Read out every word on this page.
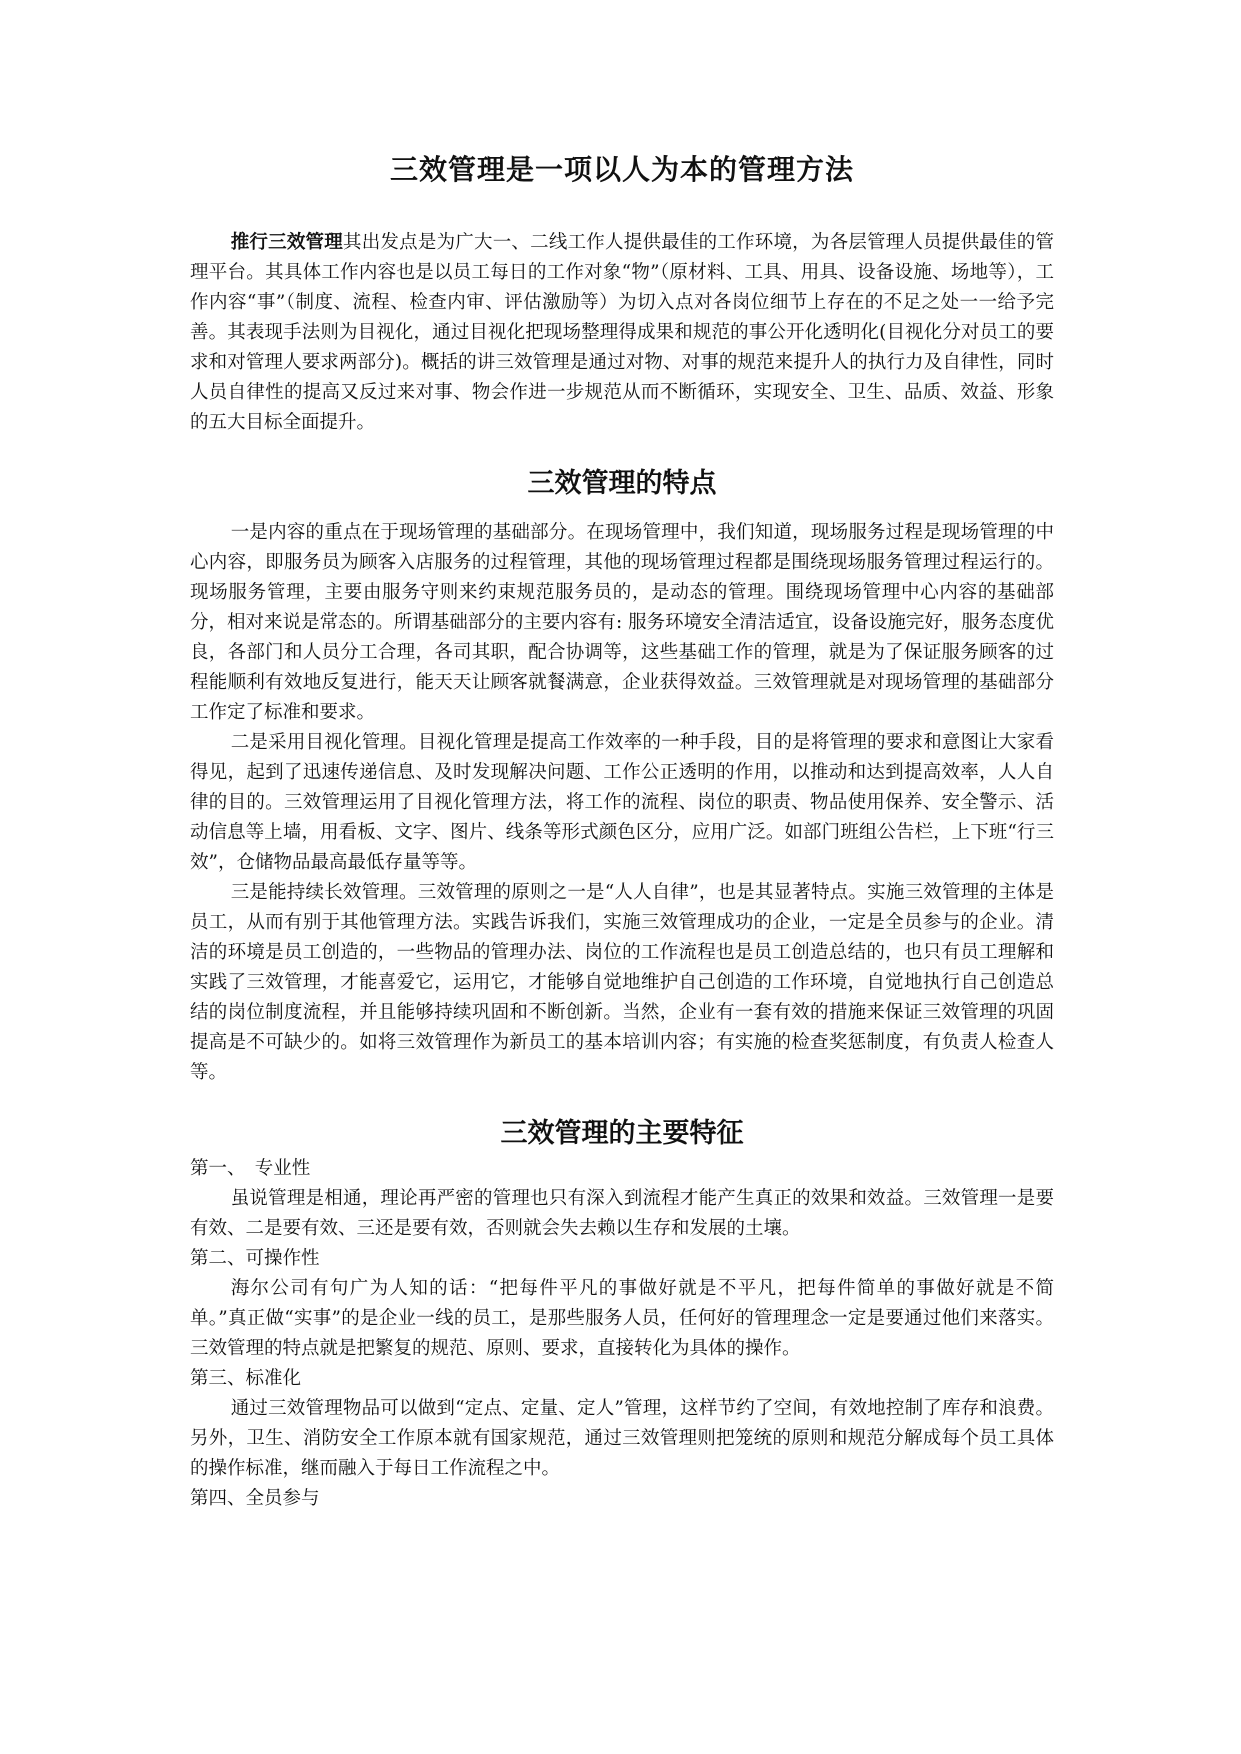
三效管理是一项以人为本的管理方法

推行三效管理其出发点是为广大一、二线工作人提供最佳的工作环境，为各层管理人员提供最佳的管理平台。其具体工作内容也是以员工每日的工作对象“物”（原材料、工具、用具、设备设施、场地等），工作内容“事”（制度、流程、检查内审、评估激励等）为切入点对各岗位细节上存在的不足之处一一给予完善。其表现手法则为目视化，通过目视化把现场整理得成果和规范的事公开化透明化(目视化分对员工的要求和对管理人要求两部分)。概括的讲三效管理是通过对物、对事的规范来提升人的执行力及自律性，同时人员自律性的提高又反过来对事、物会作进一步规范从而不断循环，实现安全、卫生、品质、效益、形象的五大目标全面提升。

三效管理的特点

一是内容的重点在于现场管理的基础部分。在现场管理中，我们知道，现场服务过程是现场管理的中心内容，即服务员为顾客入店服务的过程管理，其他的现场管理过程都是围绕现场服务管理过程运行的。现场服务管理，主要由服务守则来约束规范服务员的，是动态的管理。围绕现场管理中心内容的基础部分，相对来说是常态的。所谓基础部分的主要内容有: 服务环境安全清洁适宜，设备设施完好，服务态度优良，各部门和人员分工合理，各司其职，配合协调等，这些基础工作的管理，就是为了保证服务顾客的过程能顺利有效地反复进行，能天天让顾客就餐满意，企业获得效益。三效管理就是对现场管理的基础部分工作定了标准和要求。

二是采用目视化管理。目视化管理是提高工作效率的一种手段，目的是将管理的要求和意图让大家看得见，起到了迅速传递信息、及时发现解决问题、工作公正透明的作用，以推动和达到提高效率，人人自律的目的。三效管理运用了目视化管理方法，将工作的流程、岗位的职责、物品使用保养、安全警示、活动信息等上墙，用看板、文字、图片、线条等形式颜色区分，应用广泛。如部门班组公告栏，上下班“行三效”，仓储物品最高最低存量等等。

三是能持续长效管理。三效管理的原则之一是“人人自律”，也是其显著特点。实施三效管理的主体是员工，从而有别于其他管理方法。实践告诉我们，实施三效管理成功的企业，一定是全员参与的企业。清洁的环境是员工创造的，一些物品的管理办法、岗位的工作流程也是员工创造总结的，也只有员工理解和实践了三效管理，才能喜爱它，运用它，才能够自觉地维护自己创造的工作环境，自觉地执行自己创造总结的岗位制度流程，并且能够持续巩固和不断创新。当然，企业有一套有效的措施来保证三效管理的巩固提高是不可缺少的。如将三效管理作为新员工的基本培训内容；有实施的检查奖惩制度，有负责人检查人等。

三效管理的主要特征

第一、　专业性

虽说管理是相通，理论再严密的管理也只有深入到流程才能产生真正的效果和效益。三效管理一是要有效、二是要有效、三还是要有效，否则就会失去赖以生存和发展的土壤。

第二、可操作性

海尔公司有句广为人知的话：“把每件平凡的事做好就是不平凡，把每件简单的事做好就是不简单。”真正做“实事”的是企业一线的员工，是那些服务人员，任何好的管理理念一定是要通过他们来落实。三效管理的特点就是把繁复的规范、原则、要求，直接转化为具体的操作。

第三、标准化

通过三效管理物品可以做到“定点、定量、定人”管理，这样节约了空间，有效地控制了库存和浪费。另外，卫生、消防安全工作原本就有国家规范，通过三效管理则把笼统的原则和规范分解成每个员工具体的操作标准，继而融入于每日工作流程之中。

第四、全员参与
